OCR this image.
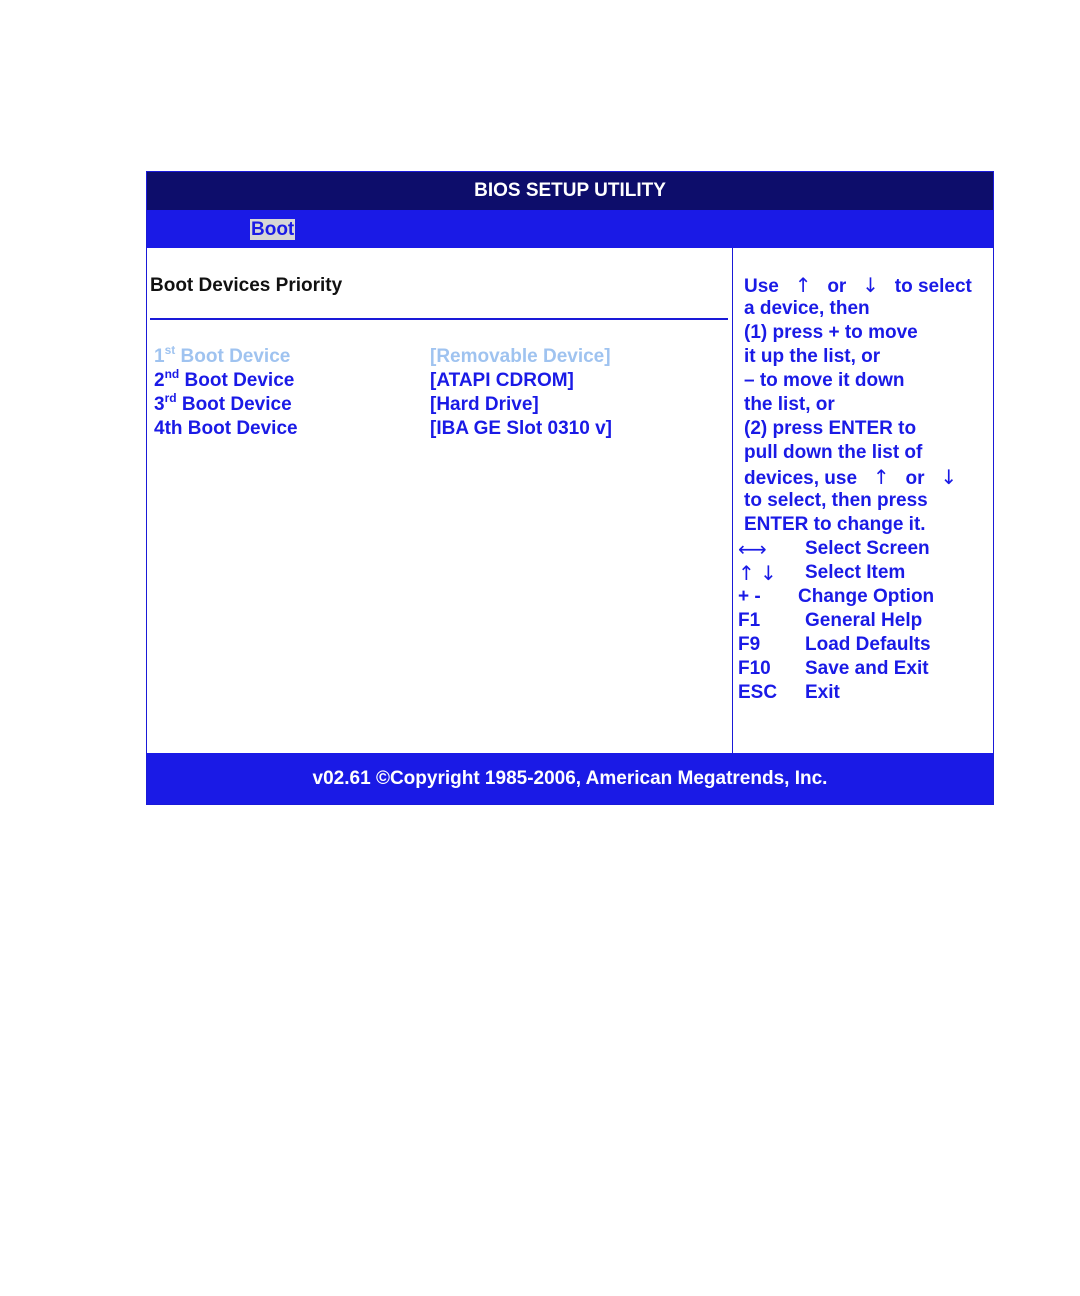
BIOS SETUP UTILITY
Boot
Boot Devices Priority
1st Boot Device	[Removable Device]
2nd Boot Device	[ATAPI CDROM]
3rd Boot Device	[Hard Drive]
4th Boot Device	[IBA GE Slot 0310 v]
Use ↑ or ↓ to select
a device, then
(1) press + to move
it up the list, or
– to move it down
the list, or
(2) press ENTER to
pull down the list of
devices, use ↑ or ↓
to select, then press
ENTER to change it.
⟷ Select Screen
↑ ↓ Select Item
+ - Change Option
F1 General Help
F9 Load Defaults
F10 Save and Exit
ESC Exit
v02.61 ©Copyright 1985-2006, American Megatrends, Inc.
